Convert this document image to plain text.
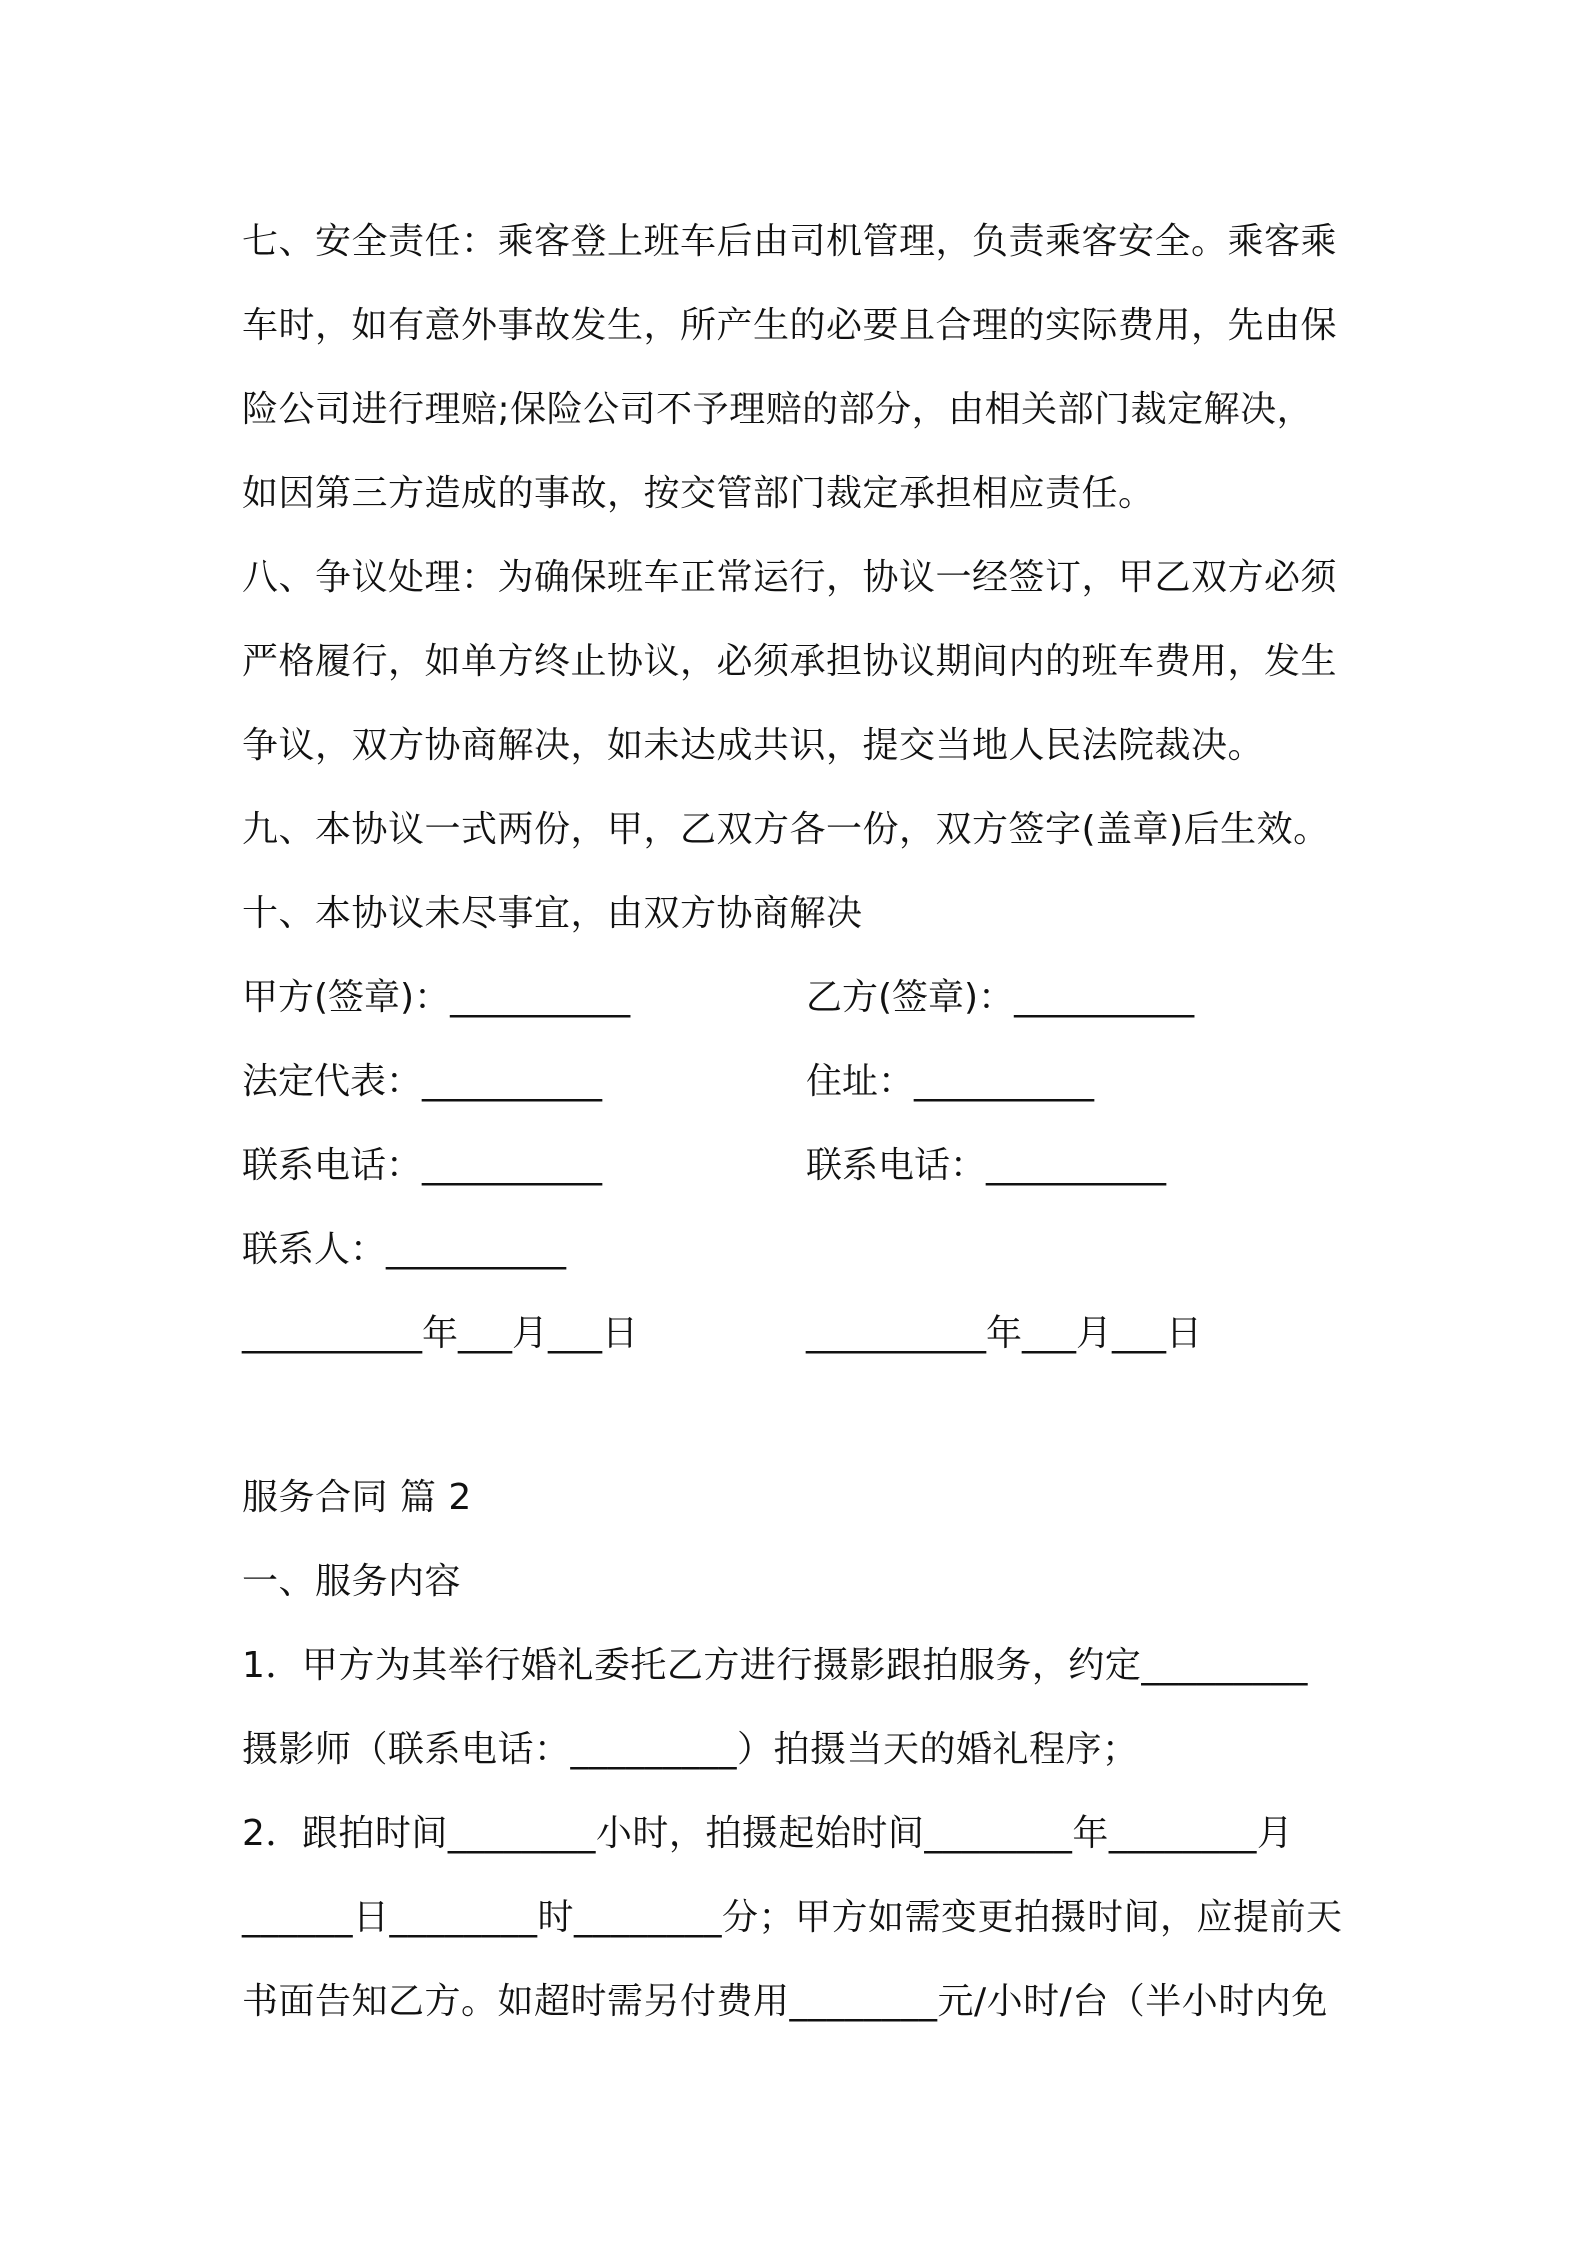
七、安全责任：乘客登上班车后由司机管理，负责乘客安全。乘客乘

车时，如有意外事故发生，所产生的必要且合理的实际费用，先由保

险公司进行理赔;保险公司不予理赔的部分，由相关部门裁定解决，

如因第三方造成的事故，按交管部门裁定承担相应责任。

八、争议处理：为确保班车正常运行，协议一经签订，甲乙双方必须

严格履行，如单方终止协议，必须承担协议期间内的班车费用，发生

争议，双方协商解决，如未达成共识，提交当地人民法院裁决。

九、本协议一式两份，甲，乙双方各一份，双方签字(盖章)后生效。

十、本协议未尽事宜，由双方协商解决

甲方(签章)：__________	乙方(签章)：__________
法定代表：__________	住址：__________
联系电话：__________	联系电话：__________
联系人：__________
__________年___月___日	__________年___月___日

服务合同 篇 2

一、服务内容

1．甲方为其举行婚礼委托乙方进行摄影跟拍服务，约定_________

摄影师（联系电话：_________）拍摄当天的婚礼程序；

2．跟拍时间________小时，拍摄起始时间________年________月

______日________时________分；甲方如需变更拍摄时间，应提前天

书面告知乙方。如超时需另付费用________元/小时/台（半小时内免
